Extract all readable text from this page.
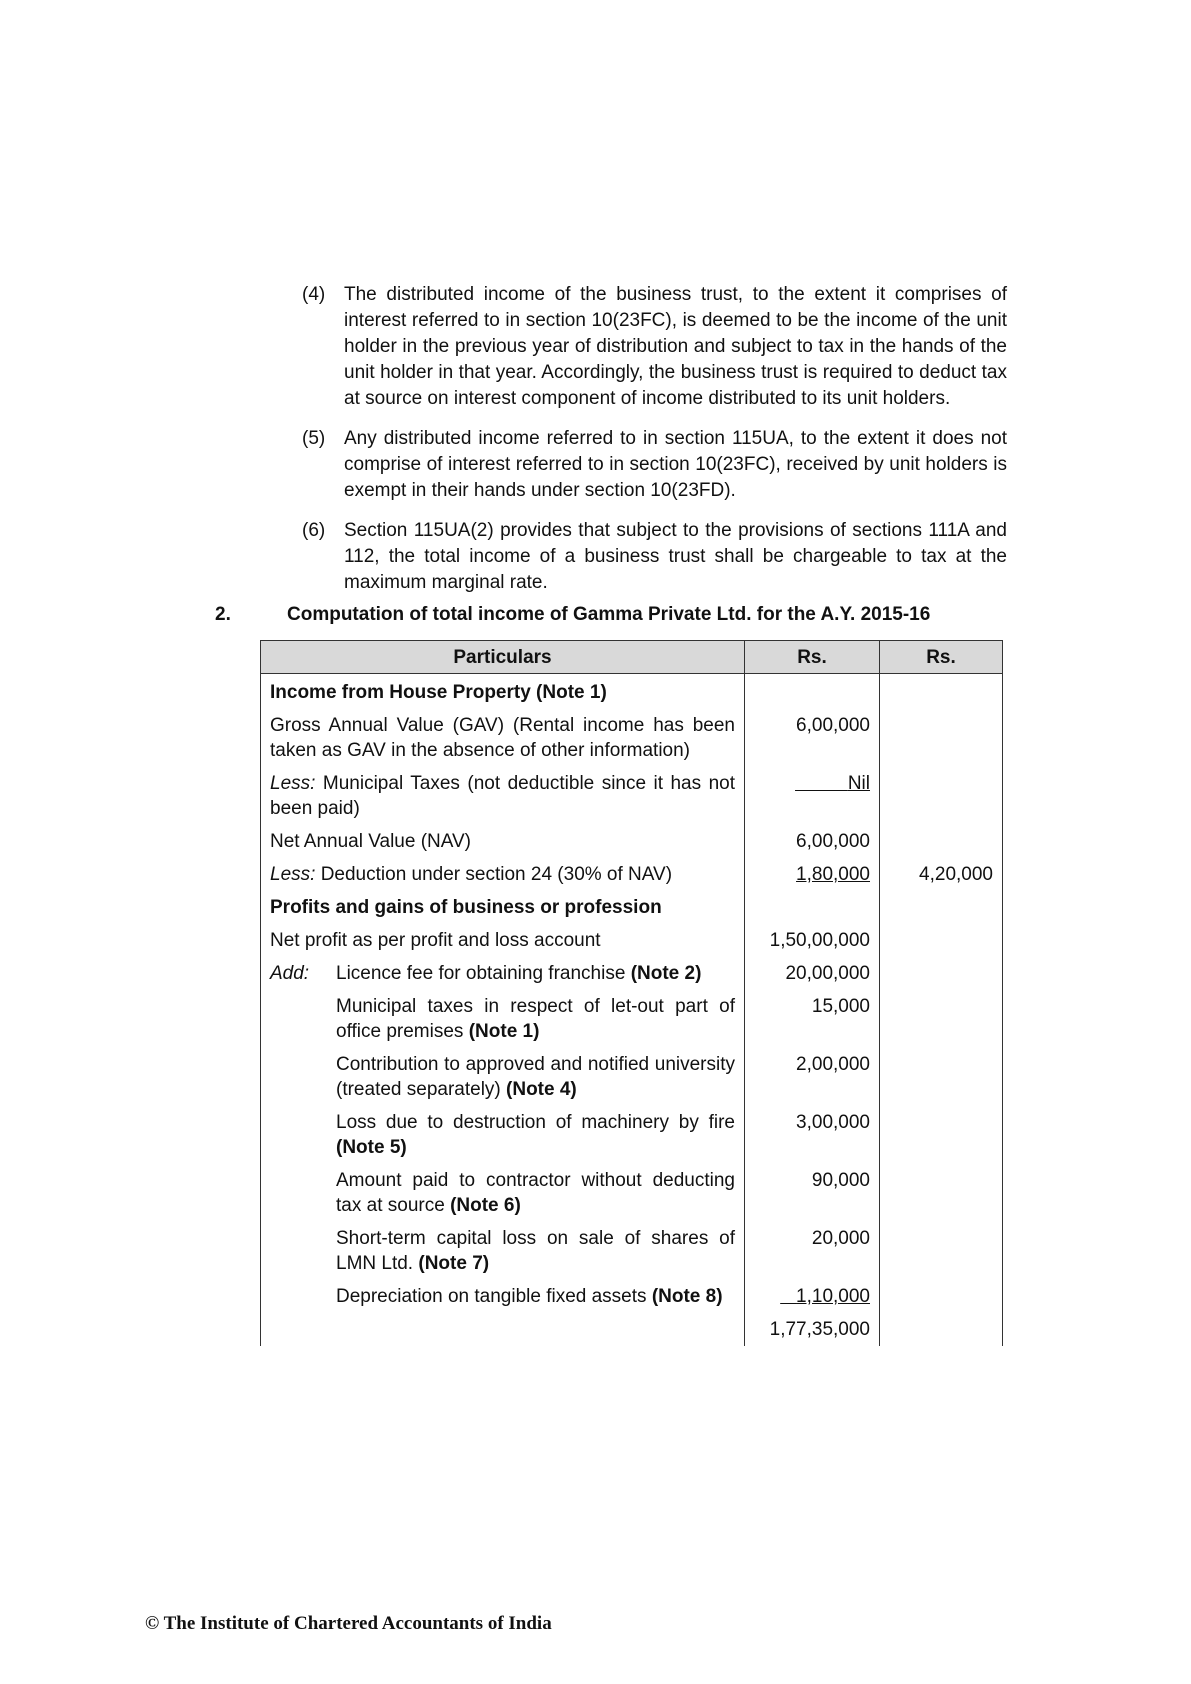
(4) The distributed income of the business trust, to the extent it comprises of interest referred to in section 10(23FC), is deemed to be the income of the unit holder in the previous year of distribution and subject to tax in the hands of the unit holder in that year. Accordingly, the business trust is required to deduct tax at source on interest component of income distributed to its unit holders.
(5) Any distributed income referred to in section 115UA, to the extent it does not comprise of interest referred to in section 10(23FC), received by unit holders is exempt in their hands under section 10(23FD).
(6) Section 115UA(2) provides that subject to the provisions of sections 111A and 112, the total income of a business trust shall be chargeable to tax at the maximum marginal rate.
2.	Computation of total income of Gamma Private Ltd. for the A.Y. 2015-16
Particulars	Rs.	Rs.
Income from House Property (Note 1)		
Gross Annual Value (GAV) (Rental income has been taken as GAV in the absence of other information)	6,00,000	
Less: Municipal Taxes (not deductible since it has not been paid)	Nil	
Net Annual Value (NAV)	6,00,000	
Less: Deduction under section 24 (30% of NAV)	1,80,000	4,20,000
Profits and gains of business or profession		
Net profit as per profit and loss account	1,50,00,000	

Add: Licence fee for obtaining franchise (Note 2)	20,00,000	

Municipal taxes in respect of let-out part of office premises (Note 1)	15,000	

Contribution to approved and notified university (treated separately) (Note 4)	2,00,000	

Loss due to destruction of machinery by fire (Note 5)	3,00,000	

Amount paid to contractor without deducting tax at source (Note 6)	90,000	

Short-term capital loss on sale of shares of LMN Ltd. (Note 7)	20,000	

Depreciation on tangible fixed assets (Note 8)	1,10,000	
	1,77,35,000	
© The Institute of Chartered Accountants of India
